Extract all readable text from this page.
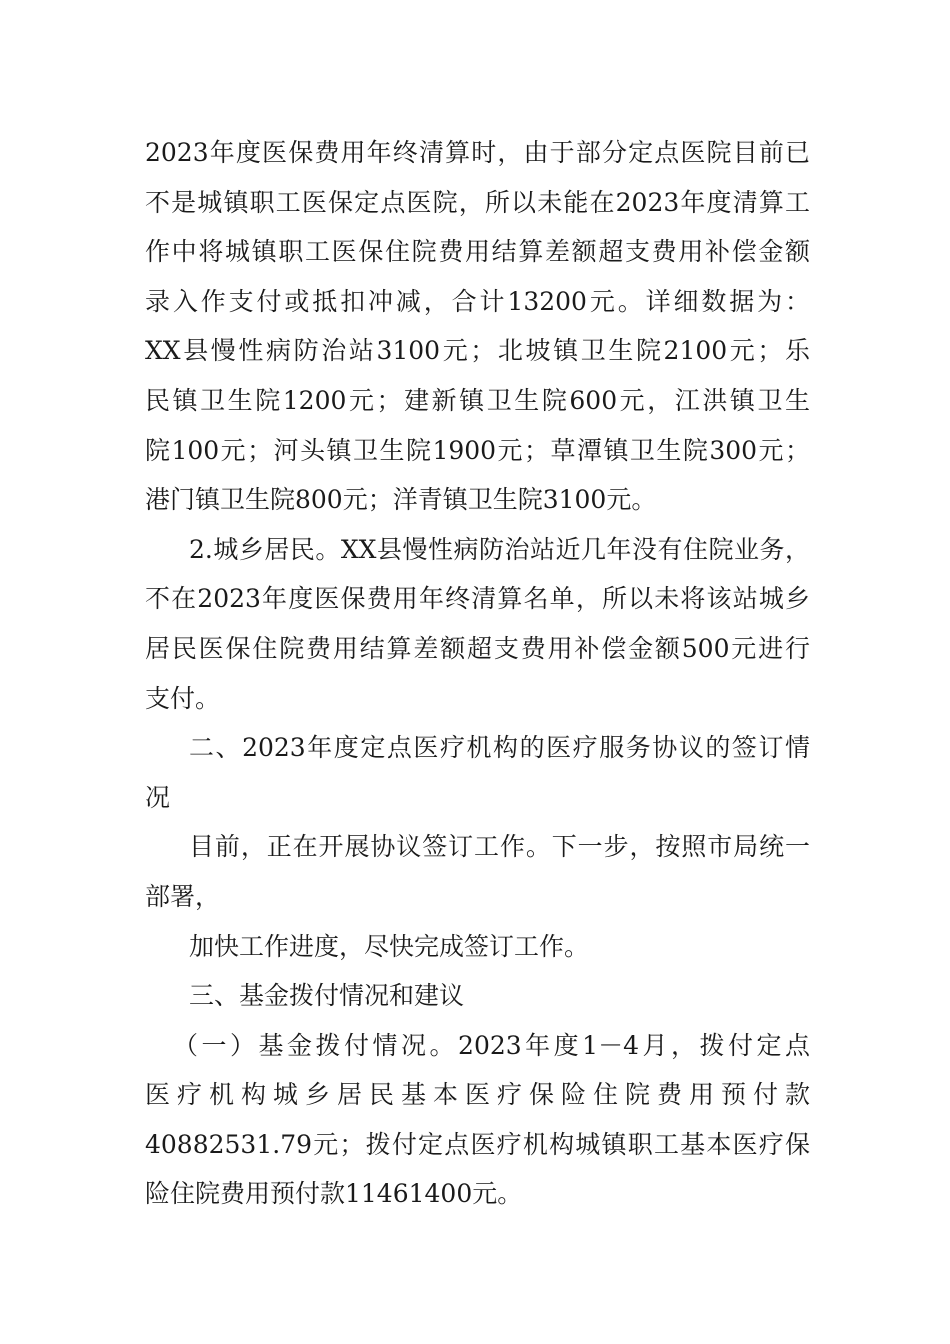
2023年度医保费用年终清算时，由于部分定点医院目前已
不是城镇职工医保定点医院，所以未能在2023年度清算工
作中将城镇职工医保住院费用结算差额超支费用补偿金额
录入作支付或抵扣冲减，合计13200元。详细数据为：
XX县慢性病防治站3100元；北坡镇卫生院2100元；乐
民镇卫生院1200元；建新镇卫生院600元，江洪镇卫生
院100元；河头镇卫生院1900元；草潭镇卫生院300元；
港门镇卫生院800元；洋青镇卫生院3100元。
2.城乡居民。XX县慢性病防治站近几年没有住院业务，
不在2023年度医保费用年终清算名单，所以未将该站城乡
居民医保住院费用结算差额超支费用补偿金额500元进行
支付。
二、2023年度定点医疗机构的医疗服务协议的签订情
况
目前，正在开展协议签订工作。下一步，按照市局统一
部署，
加快工作进度，尽快完成签订工作。
三、基金拨付情况和建议
（一）基金拨付情况。2023年度1－4月，拨付定点
医疗机构城乡居民基本医疗保险住院费用预付款
40882531.79元；拨付定点医疗机构城镇职工基本医疗保
险住院费用预付款11461400元。
